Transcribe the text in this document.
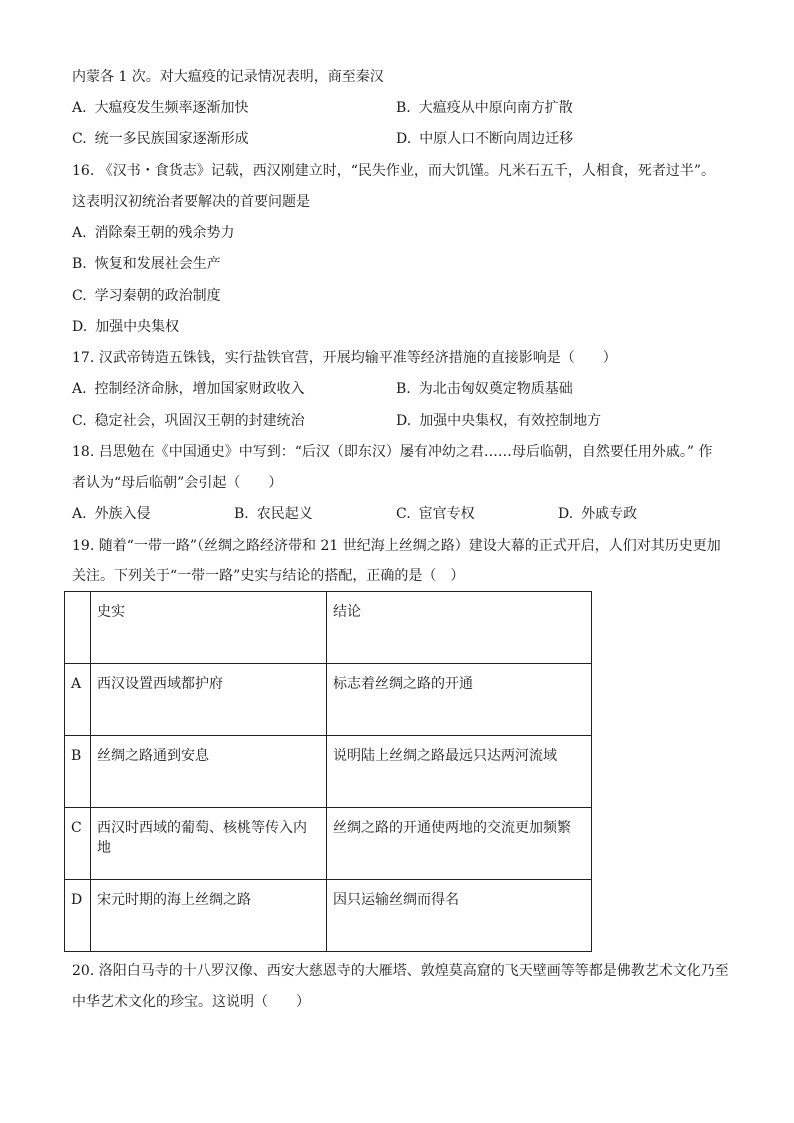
内蒙各 1 次。对大瘟疫的记录情况表明，商至秦汉
A. 大瘟疫发生频率逐渐加快	B. 大瘟疫从中原向南方扩散
C. 统一多民族国家逐渐形成	D. 中原人口不断向周边迁移
16. 《汉书・食货志》记载，西汉刚建立时，“民失作业，而大饥馑。凡米石五千，人相食，死者过半”。
这表明汉初统治者要解决的首要问题是
A. 消除秦王朝的残余势力
B. 恢复和发展社会生产
C. 学习秦朝的政治制度
D. 加强中央集权
17. 汉武帝铸造五铢钱，实行盐铁官营，开展均输平准等经济措施的直接影响是（　　）
A. 控制经济命脉，增加国家财政收入	B. 为北击匈奴奠定物质基础
C. 稳定社会，巩固汉王朝的封建统治	D. 加强中央集权，有效控制地方
18. 吕思勉在《中国通史》中写到：“后汉（即东汉）屡有冲幼之君……母后临朝，自然要任用外戚。” 作
者认为“母后临朝”会引起（　　）
A. 外族入侵	B. 农民起义	C. 宦官专权	D. 外戚专政
19. 随着“一带一路”（丝绸之路经济带和 21 世纪海上丝绸之路）建设大幕的正式开启，人们对其历史更加
关注。下列关于“一带一路”史实与结论的搭配，正确的是（　）
	史实	结论
A	西汉设置西域都护府	标志着丝绸之路的开通
B	丝绸之路通到安息	说明陆上丝绸之路最远只达两河流域
C	西汉时西域的葡萄、核桃等传入内地	丝绸之路的开通使两地的交流更加频繁
D	宋元时期的海上丝绸之路	因只运输丝绸而得名
20. 洛阳白马寺的十八罗汉像、西安大慈恩寺的大雁塔、敦煌莫高窟的飞天壁画等等都是佛教艺术文化乃至
中华艺术文化的珍宝。这说明（　　）
